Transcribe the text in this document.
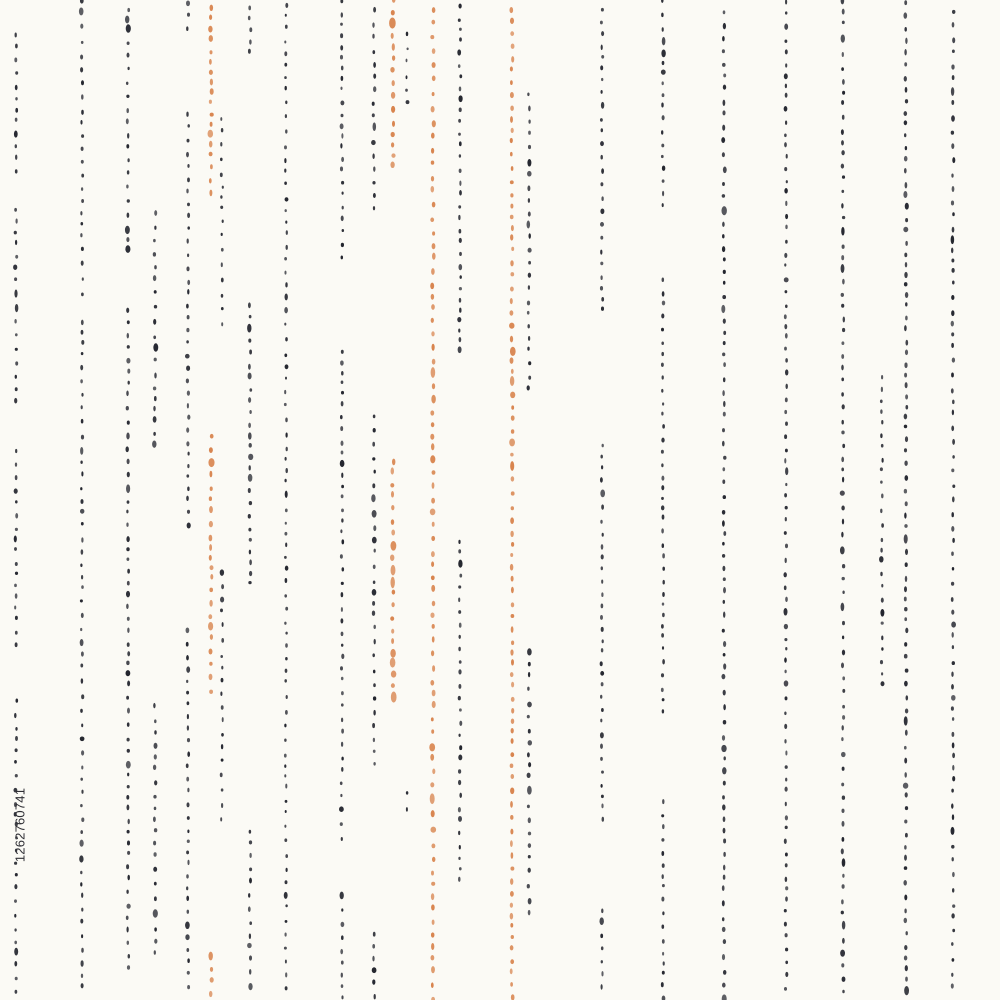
1262760741
